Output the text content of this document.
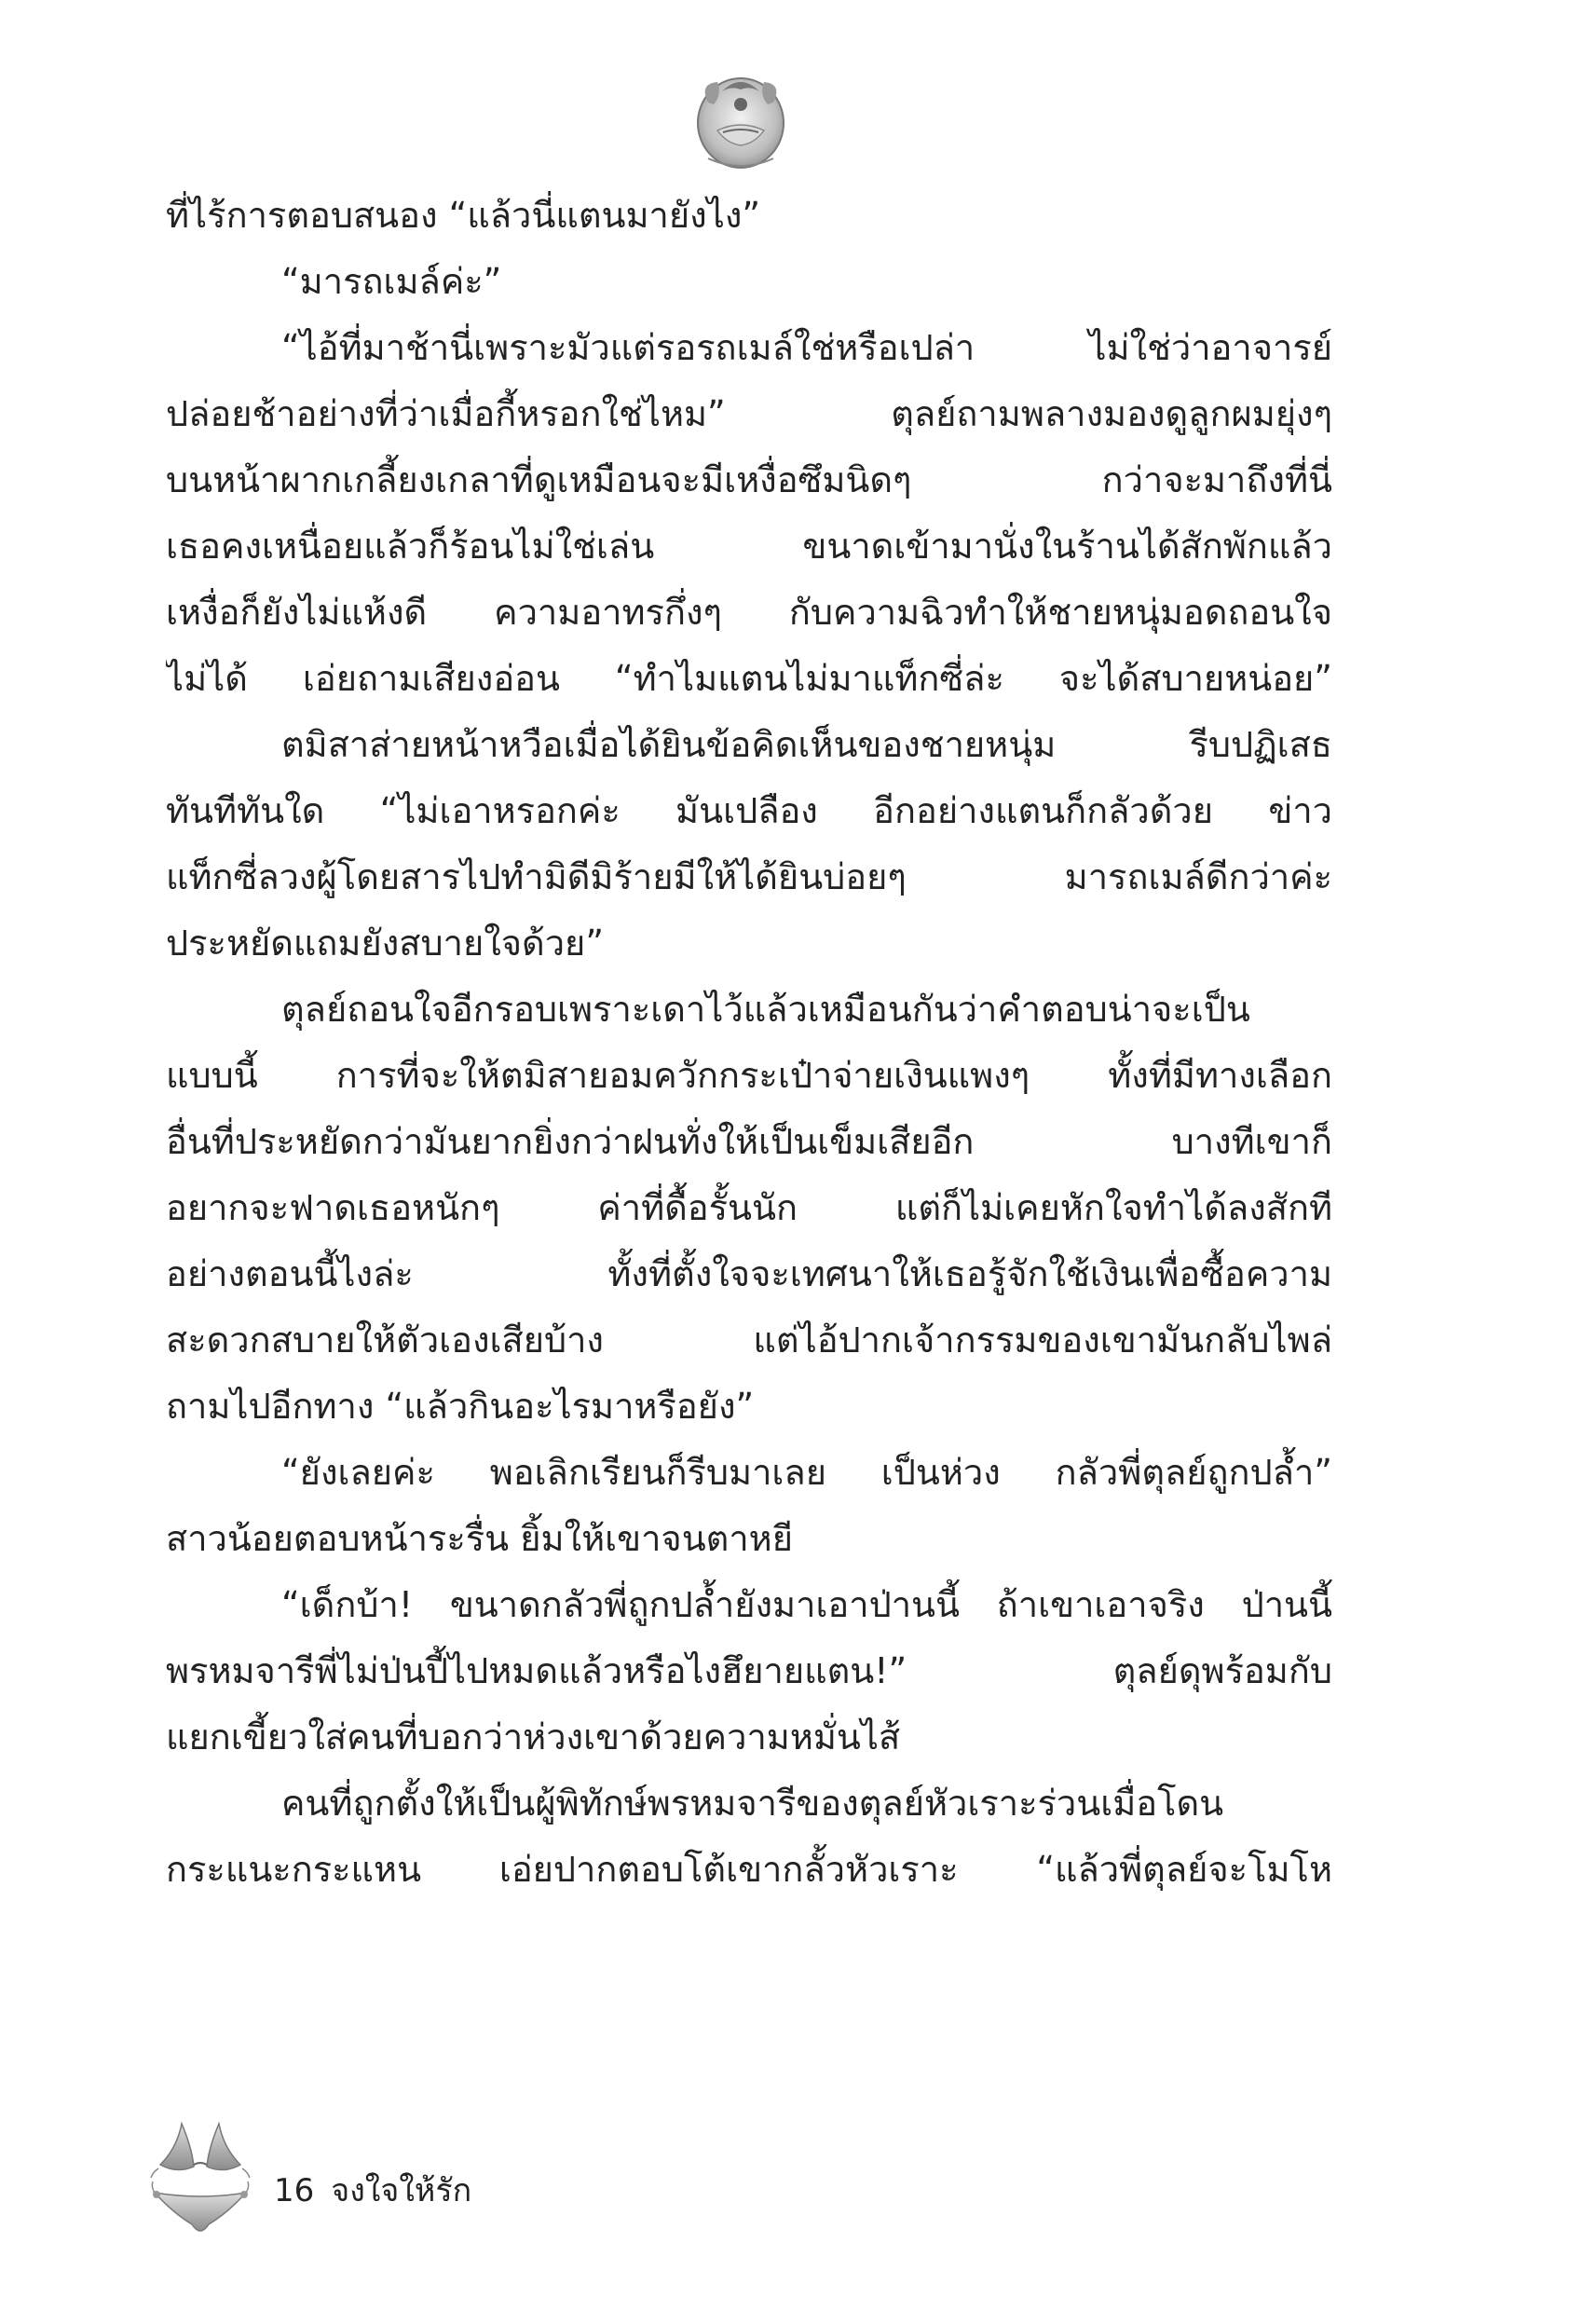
ที่ไร้การตอบสนอง “แล้วนี่แตนมายังไง”
“มารถเมล์ค่ะ”
“ไอ้ที่มาช้านี่เพราะมัวแต่รอรถเมล์ใช่หรือเปล่า ไม่ใช่ว่าอาจารย์
ปล่อยช้าอย่างที่ว่าเมื่อกี้หรอกใช่ไหม” ตุลย์ถามพลางมองดูลูกผมยุ่งๆ
บนหน้าผากเกลี้ยงเกลาที่ดูเหมือนจะมีเหงื่อซึมนิดๆ กว่าจะมาถึงที่นี่
เธอคงเหนื่อยแล้วก็ร้อนไม่ใช่เล่น ขนาดเข้ามานั่งในร้านได้สักพักแล้ว
เหงื่อก็ยังไม่แห้งดี ความอาทรกึ่งๆ กับความฉิวทำให้ชายหนุ่มอดถอนใจ
ไม่ได้ เอ่ยถามเสียงอ่อน “ทำไมแตนไม่มาแท็กซี่ล่ะ จะได้สบายหน่อย”
ตมิสาส่ายหน้าหวือเมื่อได้ยินข้อคิดเห็นของชายหนุ่ม รีบปฏิเสธ
ทันทีทันใด “ไม่เอาหรอกค่ะ มันเปลือง อีกอย่างแตนก็กลัวด้วย ข่าว
แท็กซี่ลวงผู้โดยสารไปทำมิดีมิร้ายมีให้ได้ยินบ่อยๆ มารถเมล์ดีกว่าค่ะ
ประหยัดแถมยังสบายใจด้วย”
ตุลย์ถอนใจอีกรอบเพราะเดาไว้แล้วเหมือนกันว่าคำตอบน่าจะเป็น
แบบนี้ การที่จะให้ตมิสายอมควักกระเป๋าจ่ายเงินแพงๆ ทั้งที่มีทางเลือก
อื่นที่ประหยัดกว่ามันยากยิ่งกว่าฝนทั่งให้เป็นเข็มเสียอีก บางทีเขาก็
อยากจะฟาดเธอหนักๆ ค่าที่ดื้อรั้นนัก แต่ก็ไม่เคยหักใจทำได้ลงสักที
อย่างตอนนี้ไงล่ะ ทั้งที่ตั้งใจจะเทศนาให้เธอรู้จักใช้เงินเพื่อซื้อความ
สะดวกสบายให้ตัวเองเสียบ้าง แต่ไอ้ปากเจ้ากรรมของเขามันกลับไพล่
ถามไปอีกทาง “แล้วกินอะไรมาหรือยัง”
“ยังเลยค่ะ พอเลิกเรียนก็รีบมาเลย เป็นห่วง กลัวพี่ตุลย์ถูกปล้ำ”
สาวน้อยตอบหน้าระรื่น ยิ้มให้เขาจนตาหยี
“เด็กบ้า! ขนาดกลัวพี่ถูกปล้ำยังมาเอาป่านนี้ ถ้าเขาเอาจริง ป่านนี้
พรหมจารีพี่ไม่ป่นปี้ไปหมดแล้วหรือไงฮึยายแตน!” ตุลย์ดุพร้อมกับ
แยกเขี้ยวใส่คนที่บอกว่าห่วงเขาด้วยความหมั่นไส้
คนที่ถูกตั้งให้เป็นผู้พิทักษ์พรหมจารีของตุลย์หัวเราะร่วนเมื่อโดน
กระแนะกระแหน เอ่ยปากตอบโต้เขากลั้วหัวเราะ “แล้วพี่ตุลย์จะโมโห
16 จงใจให้รัก
